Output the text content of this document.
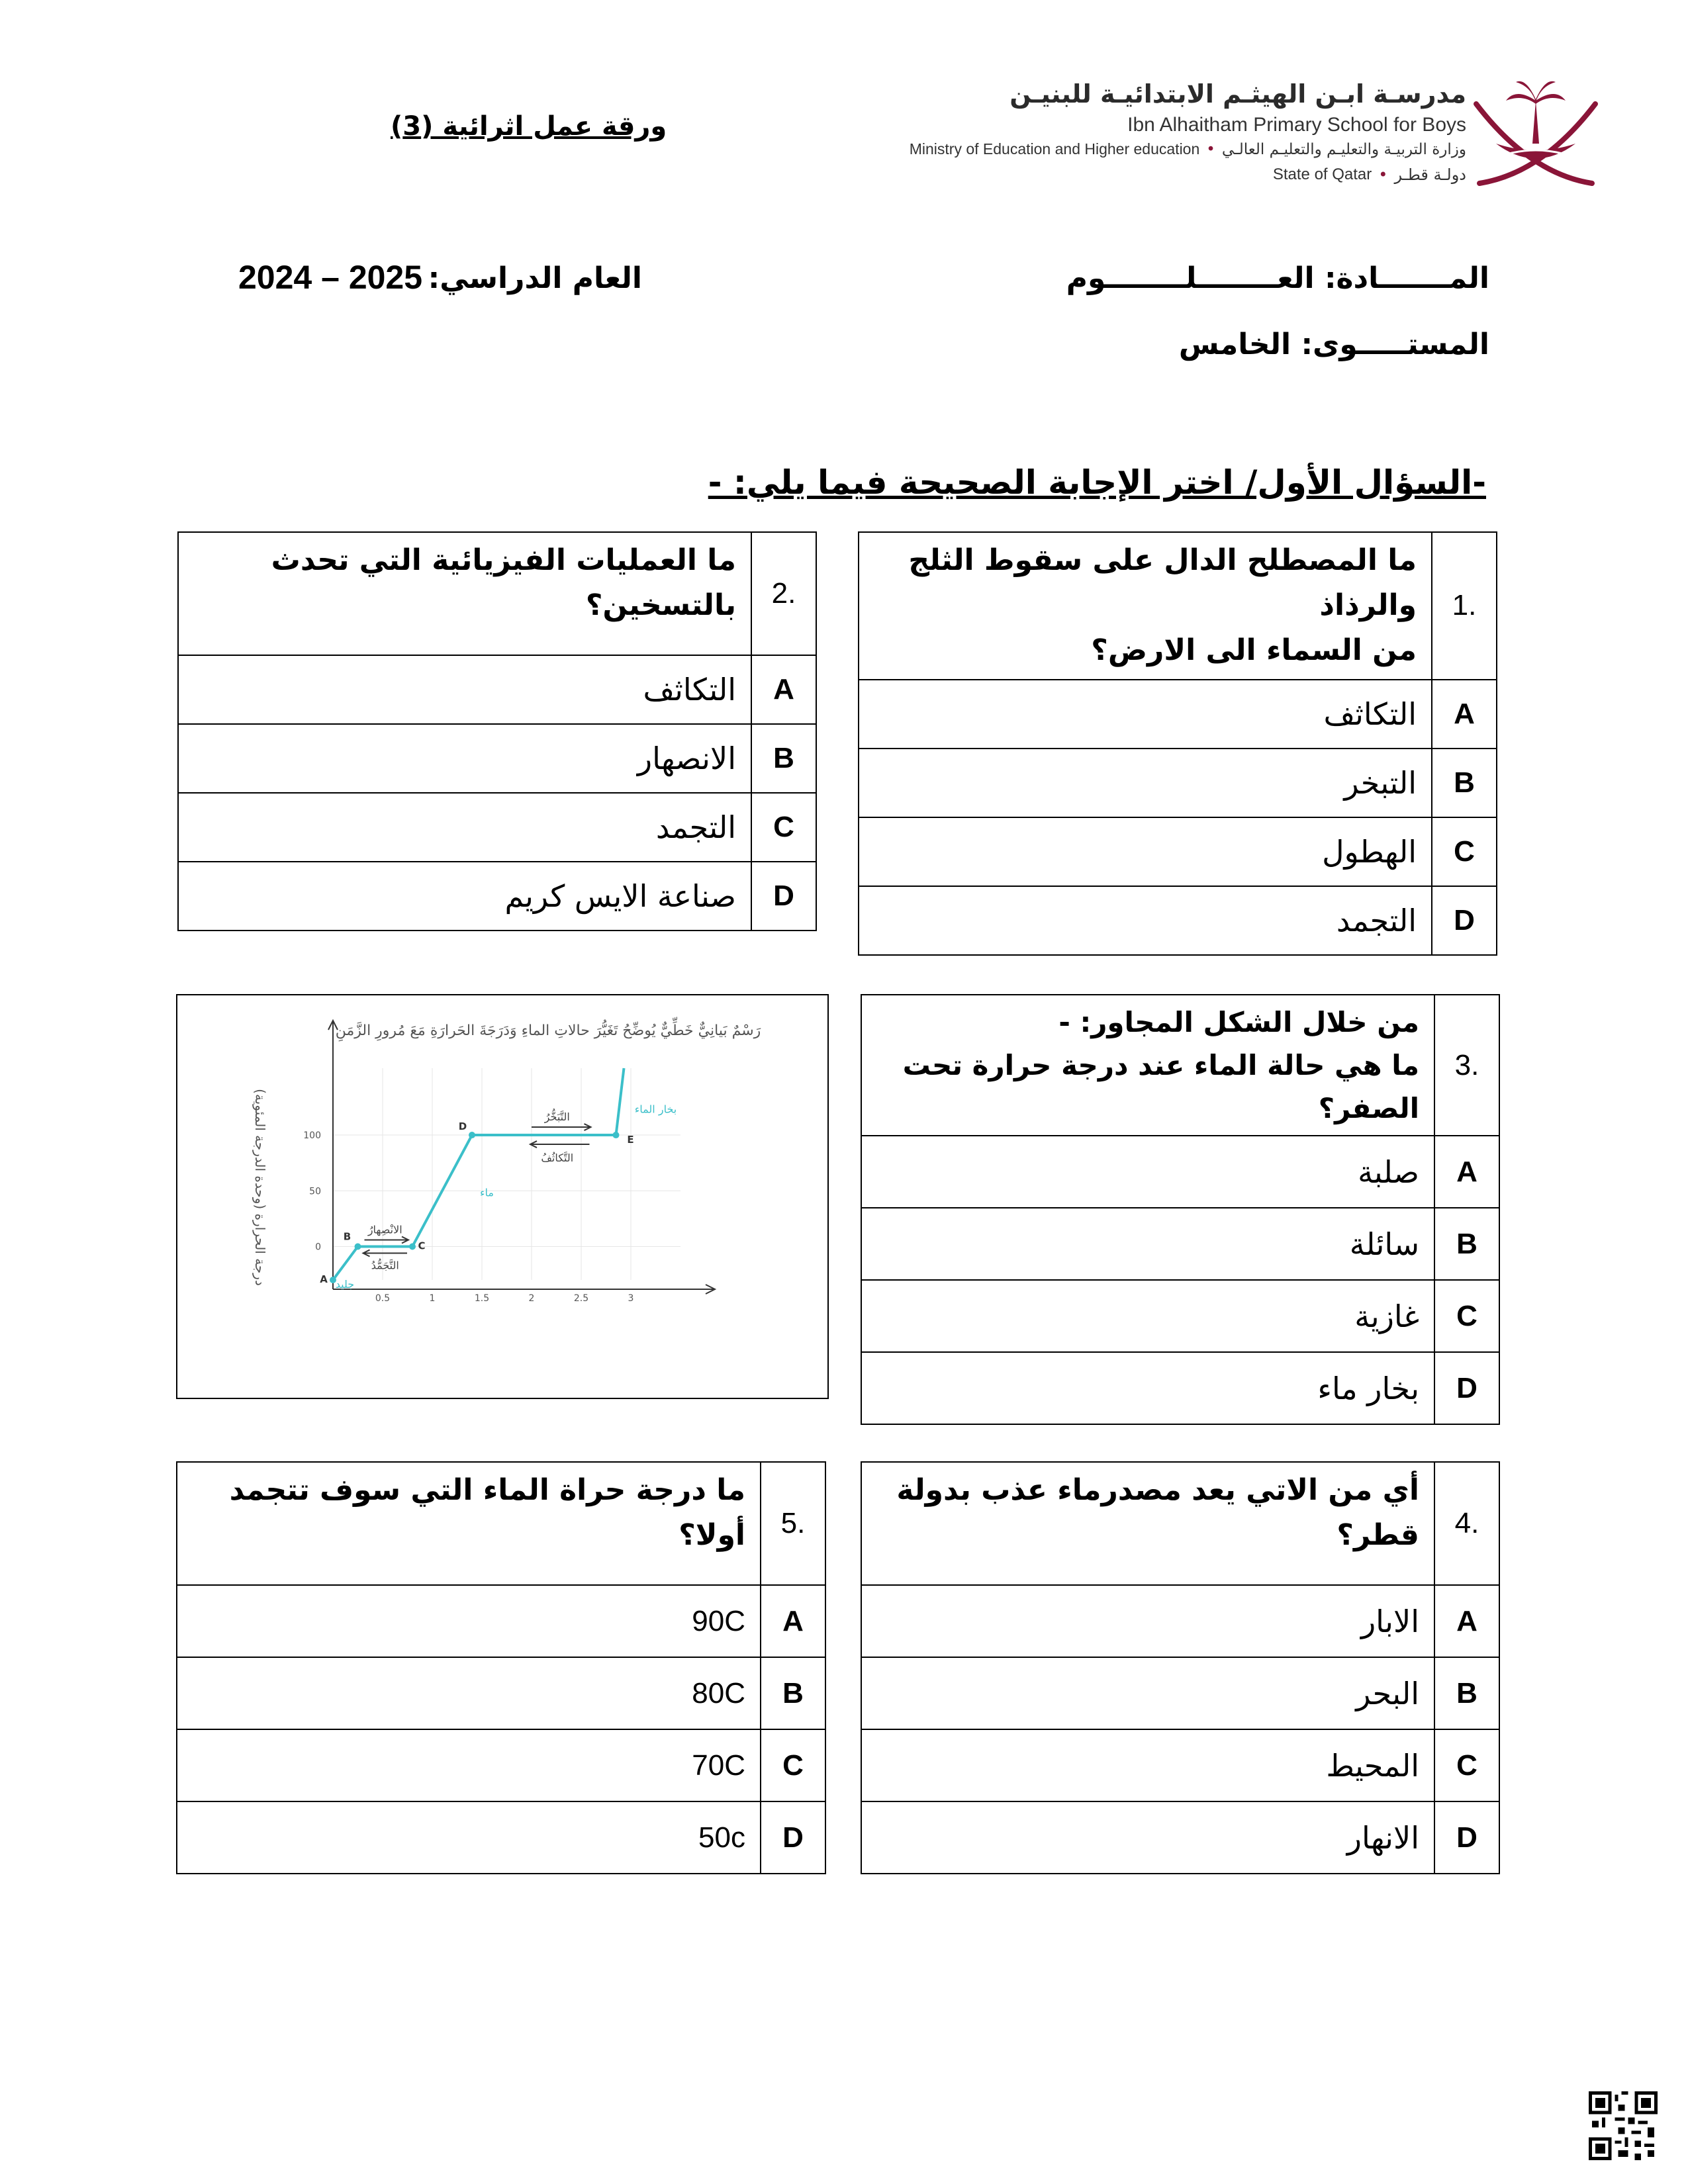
مدرسـة ابـن الهيثـم الابتدائيـة للبنيـن
Ibn Alhaitham Primary School for Boys
وزارة التربيـة والتعليـم والتعليـم العالـي
•
Ministry of Education and Higher education
دولـة قطـر
•
State of Qatar
ورقة عمل اثرائية (3)
المـــــــادة: العــــــــلــــــــوم
المستـــــوى: الخامس
العام الدراسي:
2024 – 2025
-السؤال الأول/ اختر الإجابة الصحيحة فيما يلي: -
1.	ما المصطلح الدال على سقوط الثلج والرذاذ
من السماء الى الارض؟

A	التكاثف
B	التبخر
C	الهطول
D	التجمد
2.	ما العمليات الفيزيائية التي تحدث
بالتسخين؟

A	التكاثف
B	الانصهار
C	التجمد
D	صناعة الايس كريم
3.	من خلال الشكل المجاور: -
ما هي حالة الماء عند درجة حرارة تحت الصفر؟

A	صلبة
B	سائلة
C	غازية
D	بخار ماء
رَسْمٌ بَيانِيٌّ خَطِّيٌّ يُوضِّحُ تَغَيُّرَ حالاتِ الماءِ وَدَرَجَةَ الحَرارَةِ مَعَ مُرورِ الزَّمَنِ
درجة الحرارة (وحدة الدرجة المئوية)
0.5	1	1.5	2	2.5	3
0
50
100
A
B
C
D
E
الانْصِهارُ
التَّجَمُّدُ
التَّبَخُّرُ
التَّكاثُفُ
جليد
ماء
بخار الماء
4.	أي من الاتي يعد مصدرماء عذب بدولة
قطر؟

A	الابار
B	البحر
C	المحيط
D	الانهار
5.	ما درجة حراة الماء التي سوف تتجمد أولا؟

A	90C
B	80C
C	70C
D	50c
